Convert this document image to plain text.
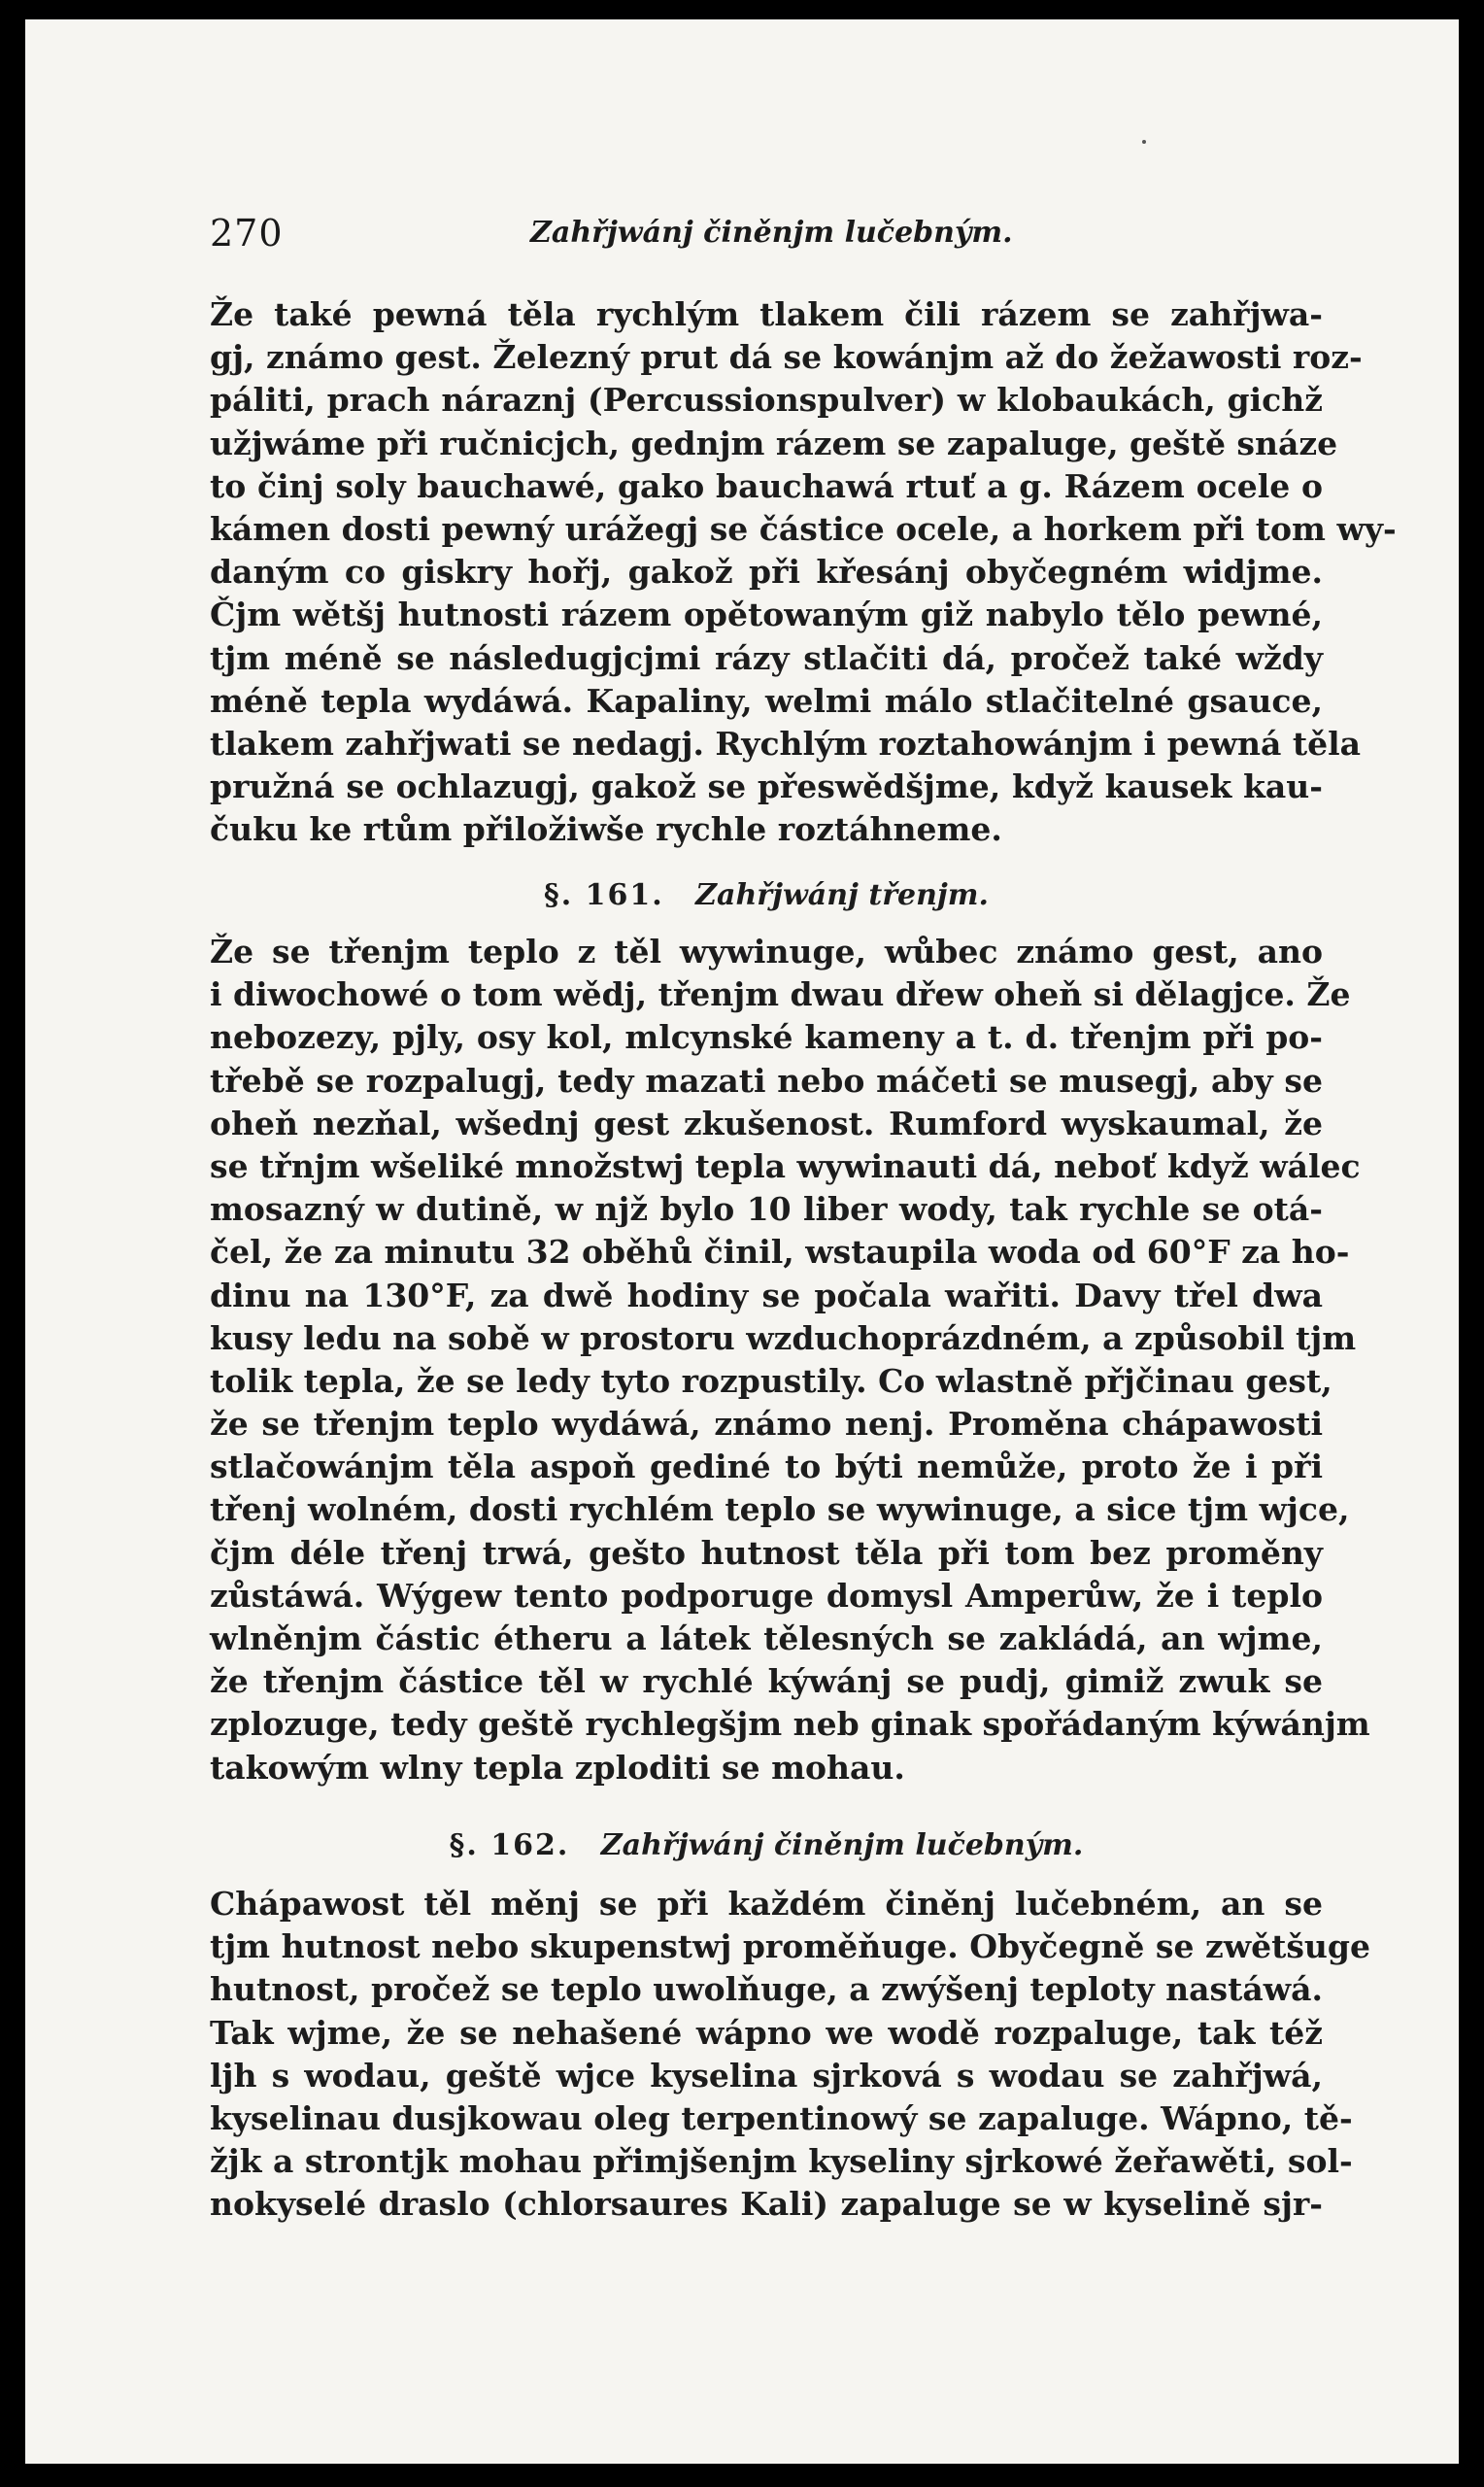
270	Zahřjwánj činěnjm lučebným.
Že také pewná těla rychlým tlakem čili rázem se zahřjwa-
gj, známo gest. Železný prut dá se kowánjm až do žežawosti roz-
páliti, prach náraznj (Percussionspulver) w klobaukách, gichž
užjwáme při ručnicjch, gednjm rázem se zapaluge, geště snáze
to činj soly bauchawé, gako bauchawá rtuť a g. Rázem ocele o
kámen dosti pewný urážegj se částice ocele, a horkem při tom wy-
daným co giskry hořj, gakož při křesánj obyčegném widjme.
Čjm wětšj hutnosti rázem opětowaným giž nabylo tělo pewné,
tjm méně se následugjcjmi rázy stlačiti dá, pročež také wždy
méně tepla wydáwá. Kapaliny, welmi málo stlačitelné gsauce,
tlakem zahřjwati se nedagj. Rychlým roztahowánjm i pewná těla
pružná se ochlazugj, gakož se přeswědšjme, když kausek kau-
čuku ke rtům přiložiwše rychle roztáhneme.
§. 161. Zahřjwánj třenjm.
Že se třenjm teplo z těl wywinuge, wůbec známo gest, ano
i diwochowé o tom wědj, třenjm dwau dřew oheň si dělagjce. Že
nebozezy, pjly, osy kol, mlcynské kameny a t. d. třenjm při po-
třebě se rozpalugj, tedy mazati nebo máčeti se musegj, aby se
oheň nezňal, wšednj gest zkušenost. Rumford wyskaumal, že
se třnjm wšeliké množstwj tepla wywinauti dá, neboť když wálec
mosazný w dutině, w njž bylo 10 liber wody, tak rychle se otá-
čel, že za minutu 32 oběhů činil, wstaupila woda od 60°F za ho-
dinu na 130°F, za dwě hodiny se počala wařiti. Davy třel dwa
kusy ledu na sobě w prostoru wzduchoprázdném, a způsobil tjm
tolik tepla, že se ledy tyto rozpustily. Co wlastně přjčinau gest,
že se třenjm teplo wydáwá, známo nenj. Proměna chápawosti
stlačowánjm těla aspoň gediné to býti nemůže, proto že i při
třenj wolném, dosti rychlém teplo se wywinuge, a sice tjm wjce,
čjm déle třenj trwá, gešto hutnost těla při tom bez proměny
zůstáwá. Wýgew tento podporuge domysl Amperůw, že i teplo
wlněnjm částic étheru a látek tělesných se zakládá, an wjme,
že třenjm částice těl w rychlé kýwánj se pudj, gimiž zwuk se
zplozuge, tedy geště rychlegšjm neb ginak spořádaným kýwánjm
takowým wlny tepla zploditi se mohau.
§. 162. Zahřjwánj činěnjm lučebným.
Chápawost těl měnj se při každém činěnj lučebném, an se
tjm hutnost nebo skupenstwj proměňuge. Obyčegně se zwětšuge
hutnost, pročež se teplo uwolňuge, a zwýšenj teploty nastáwá.
Tak wjme, že se nehašené wápno we wodě rozpaluge, tak též
ljh s wodau, geště wjce kyselina sjrková s wodau se zahřjwá,
kyselinau dusjkowau oleg terpentinowý se zapaluge. Wápno, tě-
žjk a strontjk mohau přimjšenjm kyseliny sjrkowé žeřawěti, sol-
nokyselé draslo (chlorsaures Kali) zapaluge se w kyselině sjr-
